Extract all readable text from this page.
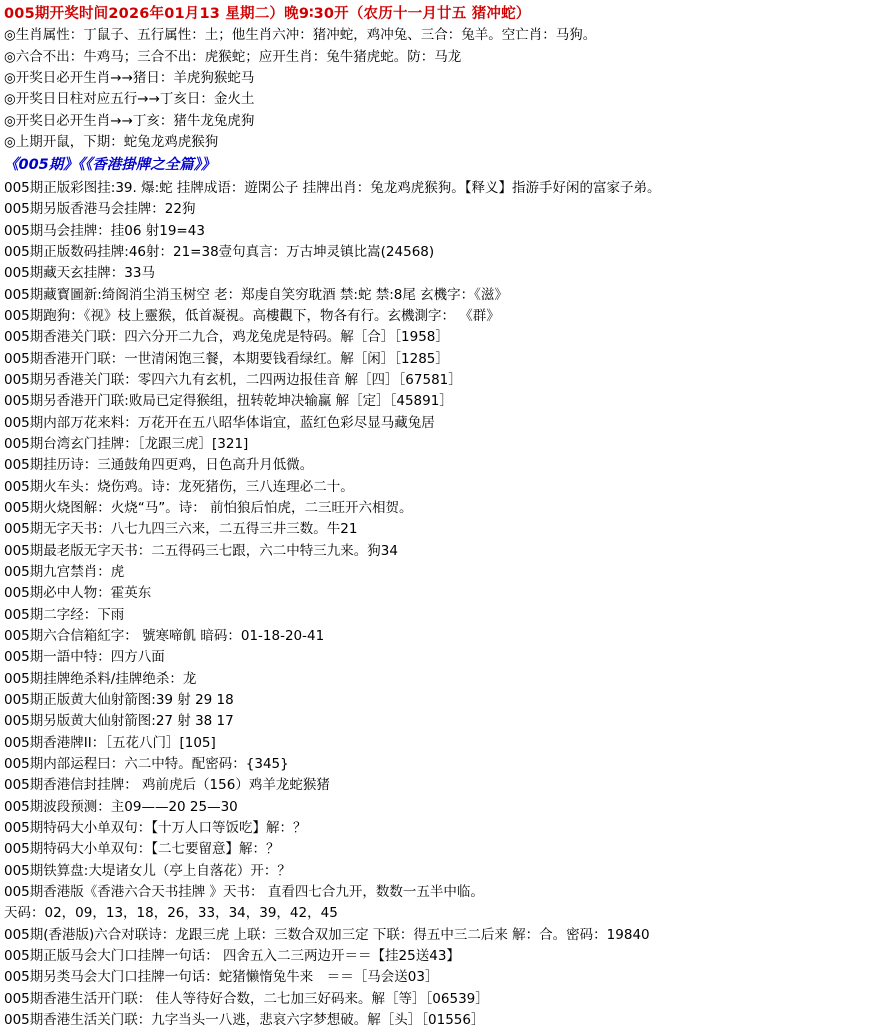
005期开奖时间2026年01月13 星期二）晚9∶30开（农历十一月廿五 猪冲蛇）
◎生肖属性：丁鼠子、五行属性：土；他生肖六冲：猪冲蛇，鸡冲兔、三合：兔羊。空亡肖：马狗。
◎六合不出：牛鸡马；三合不出：虎猴蛇；应开生肖：兔牛猪虎蛇。防：马龙
◎开奖日必开生肖→→猪日：羊虎狗猴蛇马
◎开奖日日柱对应五行→→丁亥日：金火土
◎开奖日必开生肖→→丁亥：猪牛龙兔虎狗
◎上期开鼠，下期：蛇兔龙鸡虎猴狗
《005期》《《香港掛牌之全篇》》
005期正版彩图挂:39. 爆:蛇 挂牌成语：遊閑公子 挂牌出肖：兔龙鸡虎猴狗。【释义】指游手好闲的富家子弟。
005期另版香港马会挂牌：22狗
005期马会挂牌：挂06 射19=43
005期正版数码挂牌:46射：21=38壹句真言：万古坤灵镇比嵩(24568)
005期藏天玄挂牌：33马
005期藏寳圖新:绮阁消尘消玉树空 老：郑虔自笑穷耽酒 禁:蛇 禁:8尾 玄機字：《滋》
005期跑狗：《视》枝上靈猴，低首凝視。高樓觀下，物各有行。玄機測字： 《群》
005期香港关门联：四六分开二九合，鸡龙兔虎是特码。解［合］［1958］
005期香港开门联：一世清闲饱三餐，本期要钱看绿红。解［闲］［1285］
005期另香港关门联：零四六九有玄机，二四两边报佳音 解［四］［67581］
005期另香港开门联:败局已定得猴组，扭转乾坤决输赢 解［定］［45891］
005期内部万花来料：万花开在五八昭华体诣宜，蓝红色彩尽显马藏兔居
005期台湾玄门挂牌：［龙跟三虎］[321]
005期挂历诗：三通鼓角四更鸡，日色高升月低微。
005期火车头：烧伤鸡。诗：龙死猪伤，三八连理必二十。
005期火烧图解：火烧“马”。诗： 前怕狼后怕虎，二三旺开六相贺。
005期无字天书：八七九四三六来，二五得三井三数。牛21
005期最老版无字天书：二五得码三七跟，六二中特三九来。狗34
005期九宫禁肖：虎
005期必中人物：霍英东
005期二字经：下雨
005期六合信箱紅字： 號寒啼飢 暗码：01-18-20-41
005期一語中特：四方八面
005期挂牌绝杀料/挂牌绝杀：龙
005期正版黄大仙射箭图:39 射 29 18
005期另版黄大仙射箭图:27 射 38 17
005期香港牌ⅠⅠ：［五花八门］[105]
005期内部运程曰：六二中特。配密码：{345}
005期香港信封挂牌： 鸡前虎后（156）鸡羊龙蛇猴猪
005期波段预测：主09——20 25—30
005期特码大小单双句：【十万人口等饭吃】解：？
005期特码大小单双句：【二七要留意】解：？
005期铁算盘:大堤诸女儿（亭上自落花）开：？
005期香港版《香港六合天书挂牌 》天书： 直看四七合九开，数数一五半中临。
天码：02，09，13，18，26，33，34，39，42，45
005期(香港版)六合对联诗：龙跟三虎 上联：三数合双加三定 下联：得五中三二后来 解：合。密码：19840
005期正版马会大门口挂牌一句话： 四舍五入二三两边开＝＝【挂25送43】
005期另类马会大门口挂牌一句话：蛇猪懒惰兔牛来　＝＝［马会送03］
005期香港生活开门联： 佳人等待好合数，二七加三好码来。解［等］［06539］
005期香港生活关门联：九字当头一八逃，悲哀六字梦想破。解［头］［01556］
